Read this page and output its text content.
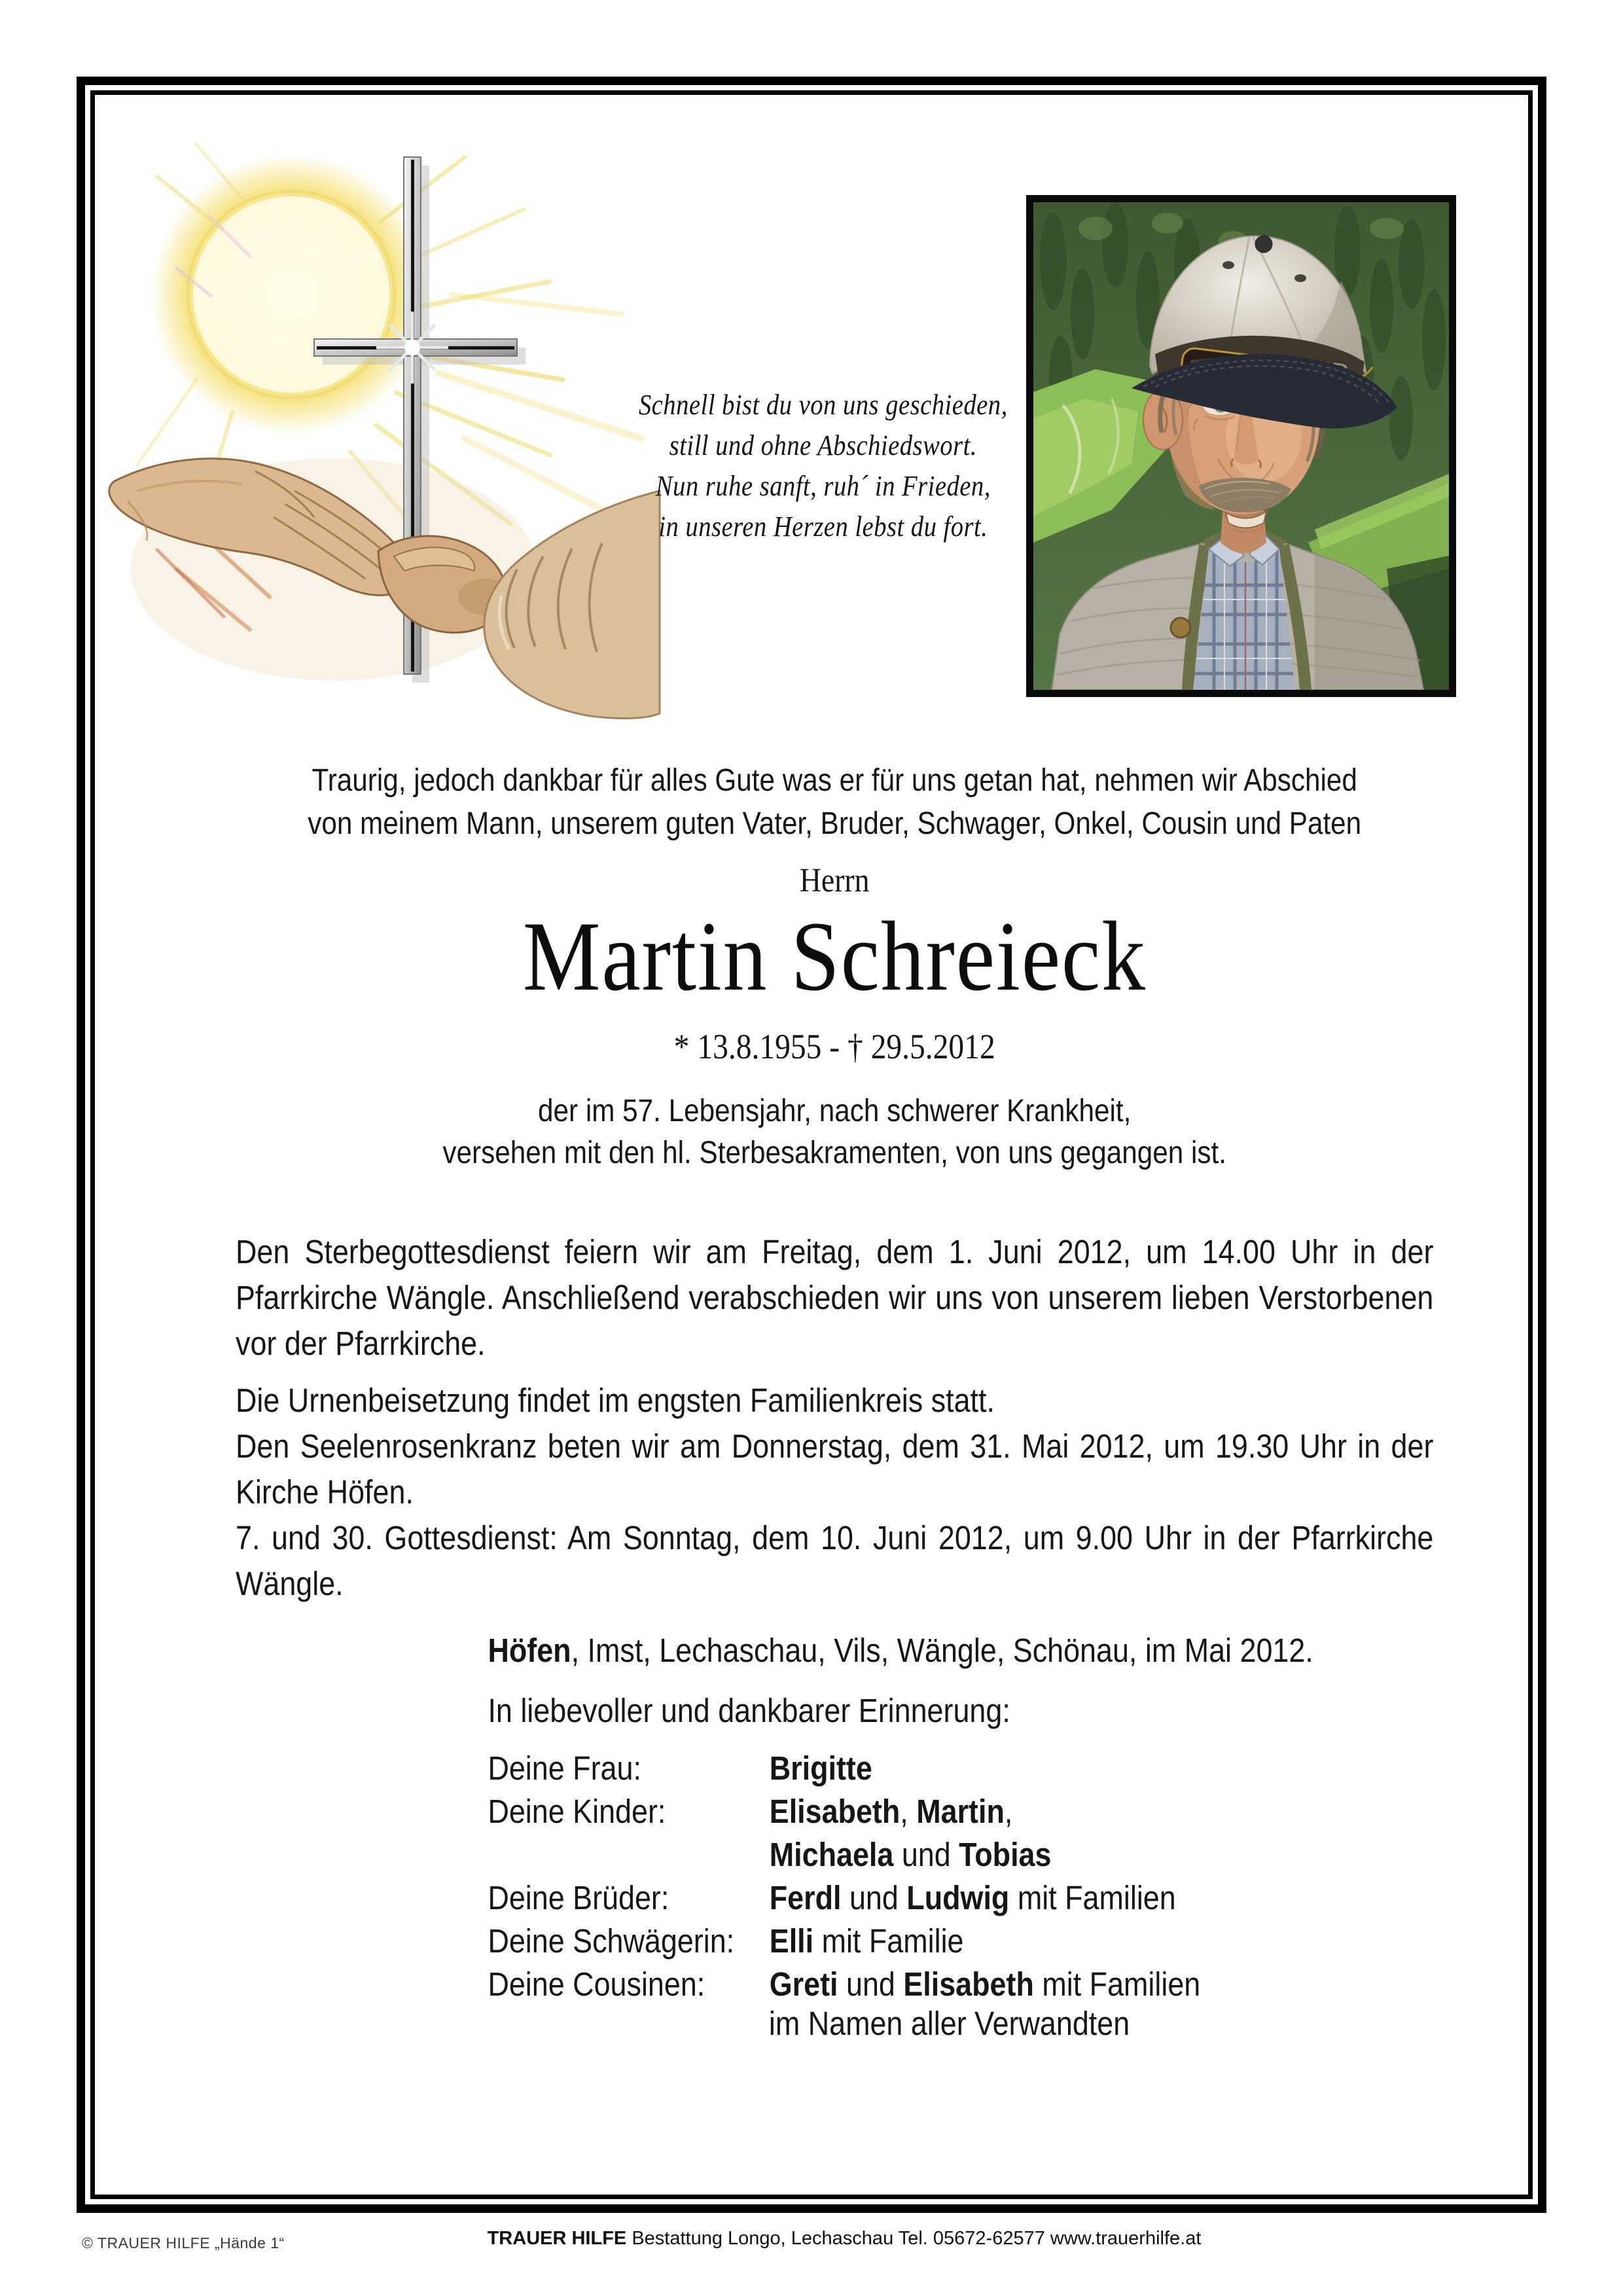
Schnell bist du von uns geschieden,
still und ohne Abschiedswort.
Nun ruhe sanft, ruh´ in Frieden,
in unseren Herzen lebst du fort.
Traurig, jedoch dankbar für alles Gute was er für uns getan hat, nehmen wir Abschied
von meinem Mann, unserem guten Vater, Bruder, Schwager, Onkel, Cousin und Paten
Herrn
Martin Schreieck
* 13.8.1955 - † 29.5.2012
der im 57. Lebensjahr, nach schwerer Krankheit,
versehen mit den hl. Sterbesakramenten, von uns gegangen ist.
Den Sterbegottesdienst feiern wir am Freitag, dem 1. Juni 2012, um 14.00 Uhr in der Pfarrkirche Wängle. Anschließend verabschieden wir uns von unserem lieben Verstorbenen vor der Pfarrkirche.
Die Urnenbeisetzung findet im engsten Familienkreis statt.
Den Seelenrosenkranz beten wir am Donnerstag, dem 31. Mai 2012, um 19.30 Uhr in der Kirche Höfen.
7. und 30. Gottesdienst: Am Sonntag, dem 10. Juni 2012, um 9.00 Uhr in der Pfarrkirche Wängle.
Höfen, Imst, Lechaschau, Vils, Wängle, Schönau, im Mai 2012.
In liebevoller und dankbarer Erinnerung:
Deine Frau:	Brigitte
Deine Kinder:	Elisabeth, Martin,
Michaela und Tobias
Deine Brüder:	Ferdl und Ludwig mit Familien
Deine Schwägerin: Elli mit Familie
Deine Cousinen: Greti und Elisabeth mit Familien
im Namen aller Verwandten
© TRAUER HILFE „Hände 1“	TRAUER HILFE Bestattung Longo, Lechaschau Tel. 05672-62577 www.trauerhilfe.at
